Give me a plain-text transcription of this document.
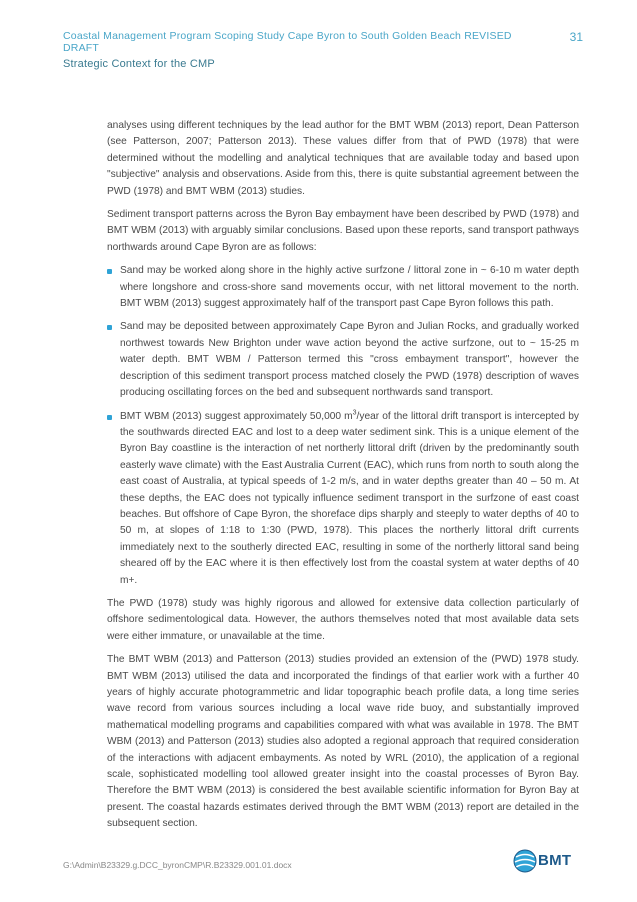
Coastal Management Program Scoping Study Cape Byron to South Golden Beach REVISED DRAFT
31
Strategic Context for the CMP

analyses using different techniques by the lead author for the BMT WBM (2013) report, Dean Patterson (see Patterson, 2007; Patterson 2013). These values differ from that of PWD (1978) that were determined without the modelling and analytical techniques that are available today and based upon "subjective" analysis and observations. Aside from this, there is quite substantial agreement between the PWD (1978) and BMT WBM (2013) studies.

Sediment transport patterns across the Byron Bay embayment have been described by PWD (1978) and BMT WBM (2013) with arguably similar conclusions. Based upon these reports, sand transport pathways northwards around Cape Byron are as follows:

Sand may be worked along shore in the highly active surfzone / littoral zone in ~ 6-10 m water depth where longshore and cross-shore sand movements occur, with net littoral movement to the north. BMT WBM (2013) suggest approximately half of the transport past Cape Byron follows this path.
Sand may be deposited between approximately Cape Byron and Julian Rocks, and gradually worked northwest towards New Brighton under wave action beyond the active surfzone, out to ~ 15-25 m water depth. BMT WBM / Patterson termed this "cross embayment transport", however the description of this sediment transport process matched closely the PWD (1978) description of waves producing oscillating forces on the bed and subsequent northwards sand transport.
BMT WBM (2013) suggest approximately 50,000 $m^3$/year of the littoral drift transport is intercepted by the southwards directed EAC and lost to a deep water sediment sink. This is a unique element of the Byron Bay coastline is the interaction of net northerly littoral drift (driven by the predominantly south easterly wave climate) with the East Australia Current (EAC), which runs from north to south along the east coast of Australia, at typical speeds of 1-2 m/s, and in water depths greater than 40 – 50 m. At these depths, the EAC does not typically influence sediment transport in the surfzone of east coast beaches. But offshore of Cape Byron, the shoreface dips sharply and steeply to water depths of 40 to 50 m, at slopes of 1:18 to 1:30 (PWD, 1978). This places the northerly littoral drift currents immediately next to the southerly directed EAC, resulting in some of the northerly littoral sand being sheared off by the EAC where it is then effectively lost from the coastal system at water depths of 40 m+.

The PWD (1978) study was highly rigorous and allowed for extensive data collection particularly of offshore sedimentological data. However, the authors themselves noted that most available data sets were either immature, or unavailable at the time.

The BMT WBM (2013) and Patterson (2013) studies provided an extension of the (PWD) 1978 study. BMT WBM (2013) utilised the data and incorporated the findings of that earlier work with a further 40 years of highly accurate photogrammetric and lidar topographic beach profile data, a long time series wave record from various sources including a local wave ride buoy, and substantially improved mathematical modelling programs and capabilities compared with what was available in 1978. The BMT WBM (2013) and Patterson (2013) studies also adopted a regional approach that required consideration of the interactions with adjacent embayments. As noted by WRL (2010), the application of a regional scale, sophisticated modelling tool allowed greater insight into the coastal processes of Byron Bay. Therefore the BMT WBM (2013) is considered the best available scientific information for Byron Bay at present. The coastal hazards estimates derived through the BMT WBM (2013) report are detailed in the subsequent section.

G:\Admin\B23329.g.DCC_byronCMP\R.B23329.001.01.docx	BMT
